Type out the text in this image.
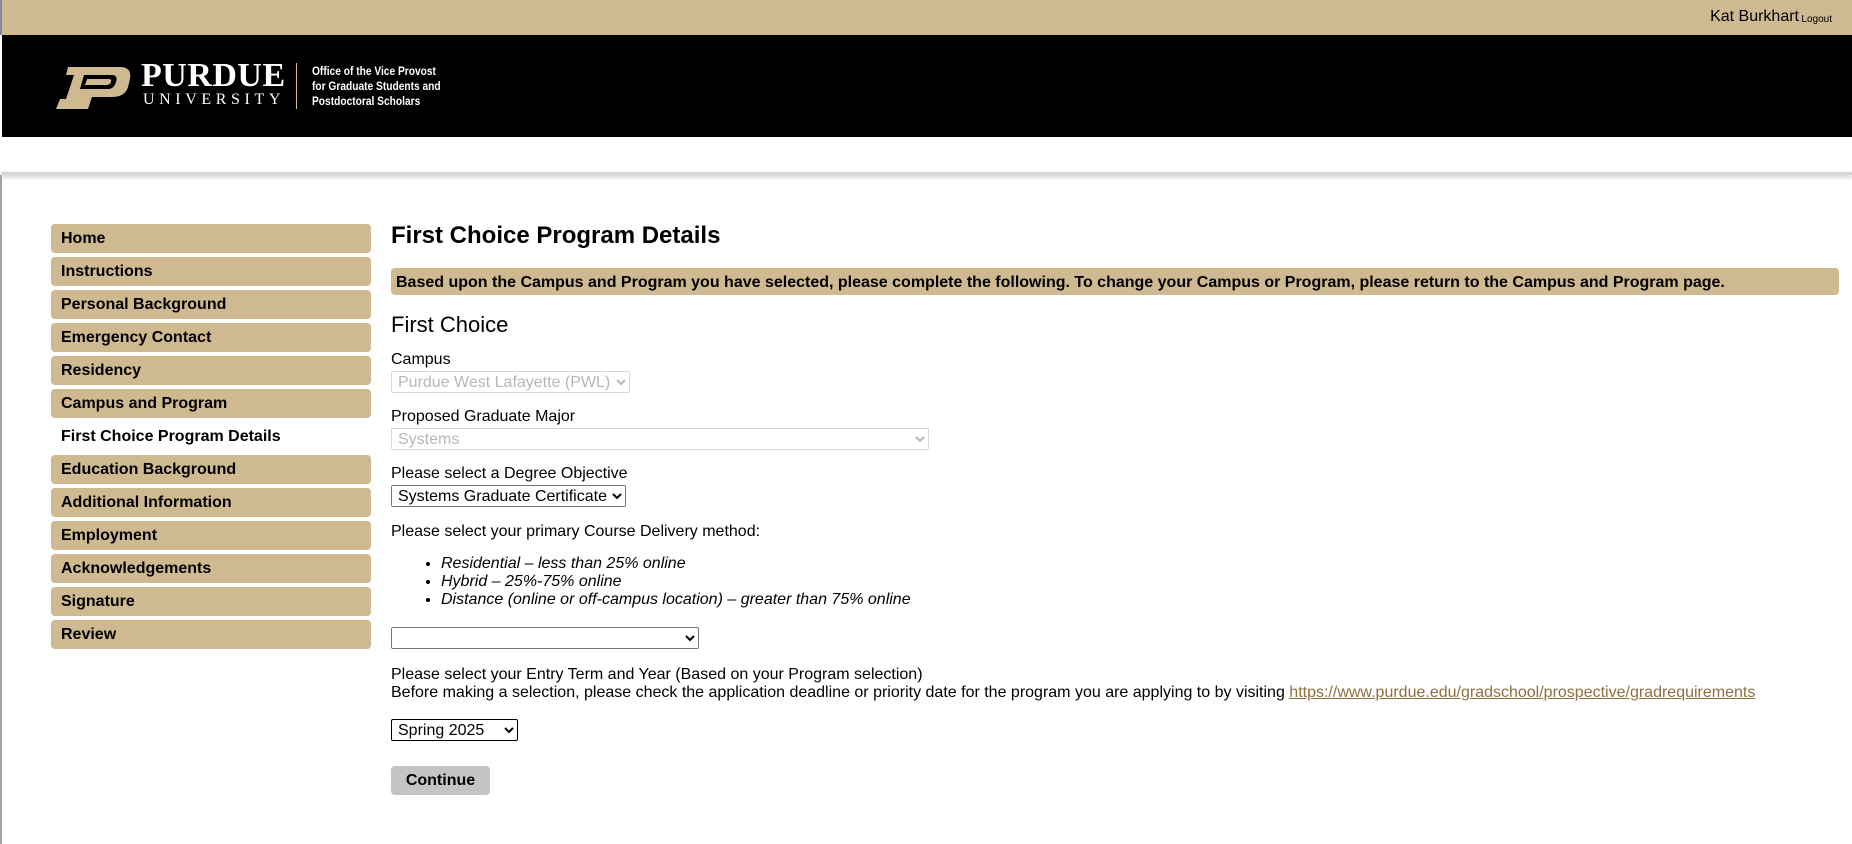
Kat Burkhart Logout
PURDUE
UNIVERSITY
Office of the Vice Provost
for Graduate Students and
Postdoctoral Scholars
Home
Instructions
Personal Background
Emergency Contact
Residency
Campus and Program
First Choice Program Details
Education Background
Additional Information
Employment
Acknowledgements
Signature
Review
First Choice Program Details
Based upon the Campus and Program you have selected, please complete the following. To change your Campus or Program, please return to the Campus and Program page.
First Choice
Campus
Purdue West Lafayette (PWL)
Proposed Graduate Major
Systems
Please select a Degree Objective
Systems Graduate Certificate
Please select your primary Course Delivery method:
• Residential – less than 25% online
• Hybrid – 25%-75% online
• Distance (online or off-campus location) – greater than 75% online
Please select your Entry Term and Year (Based on your Program selection)
Before making a selection, please check the application deadline or priority date for the program you are applying to by visiting https://www.purdue.edu/gradschool/prospective/gradrequirements
Spring 2025
Continue
